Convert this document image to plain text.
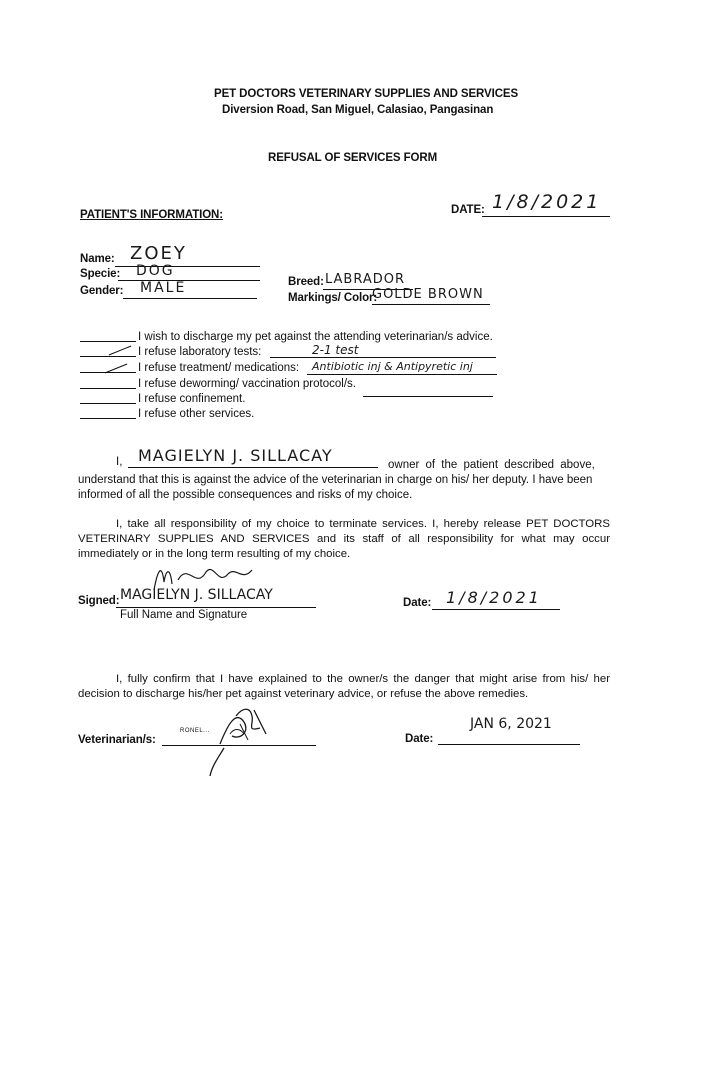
PET DOCTORS VETERINARY SUPPLIES AND SERVICES
Diversion Road, San Miguel, Calasiao, Pangasinan
REFUSAL OF SERVICES FORM
PATIENT'S INFORMATION:	DATE: 1/8/2021
Name: ZOEY
Specie: DOG
Gender: MALE	Breed: LABRADOR
Markings/ Color:
GOLDE BROWN
I wish to discharge my pet against the attending veterinarian/s advice.
I refuse laboratory tests:	2-1 test
I refuse treatment/ medications: Antibiotic inj & Antipyretic inj
I refuse deworming/ vaccination protocol/s.
I refuse confinement.
I refuse other services.
I, MAGIELYN J. SILLACAY	owner of the patient described above,
understand that this is against the advice of the veterinarian in charge on his/ her deputy. I have been
informed of all the possible consequences and risks of my choice.
I, take all responsibility of my choice to terminate services. I, hereby release PET DOCTORS VETERINARY SUPPLIES AND SERVICES and its staff of all responsibility for what may occur immediately or in the long term resulting of my choice.
Signed: MAGIELYN J. SILLACAY
Full Name and Signature
Date: 1/8/2021
I, fully confirm that I have explained to the owner/s the danger that might arise from his/ her decision to discharge his/her pet against veterinary advice, or refuse the above remedies.
Veterinarian/s:
RONEL...
Date:
JAN 6, 2021
